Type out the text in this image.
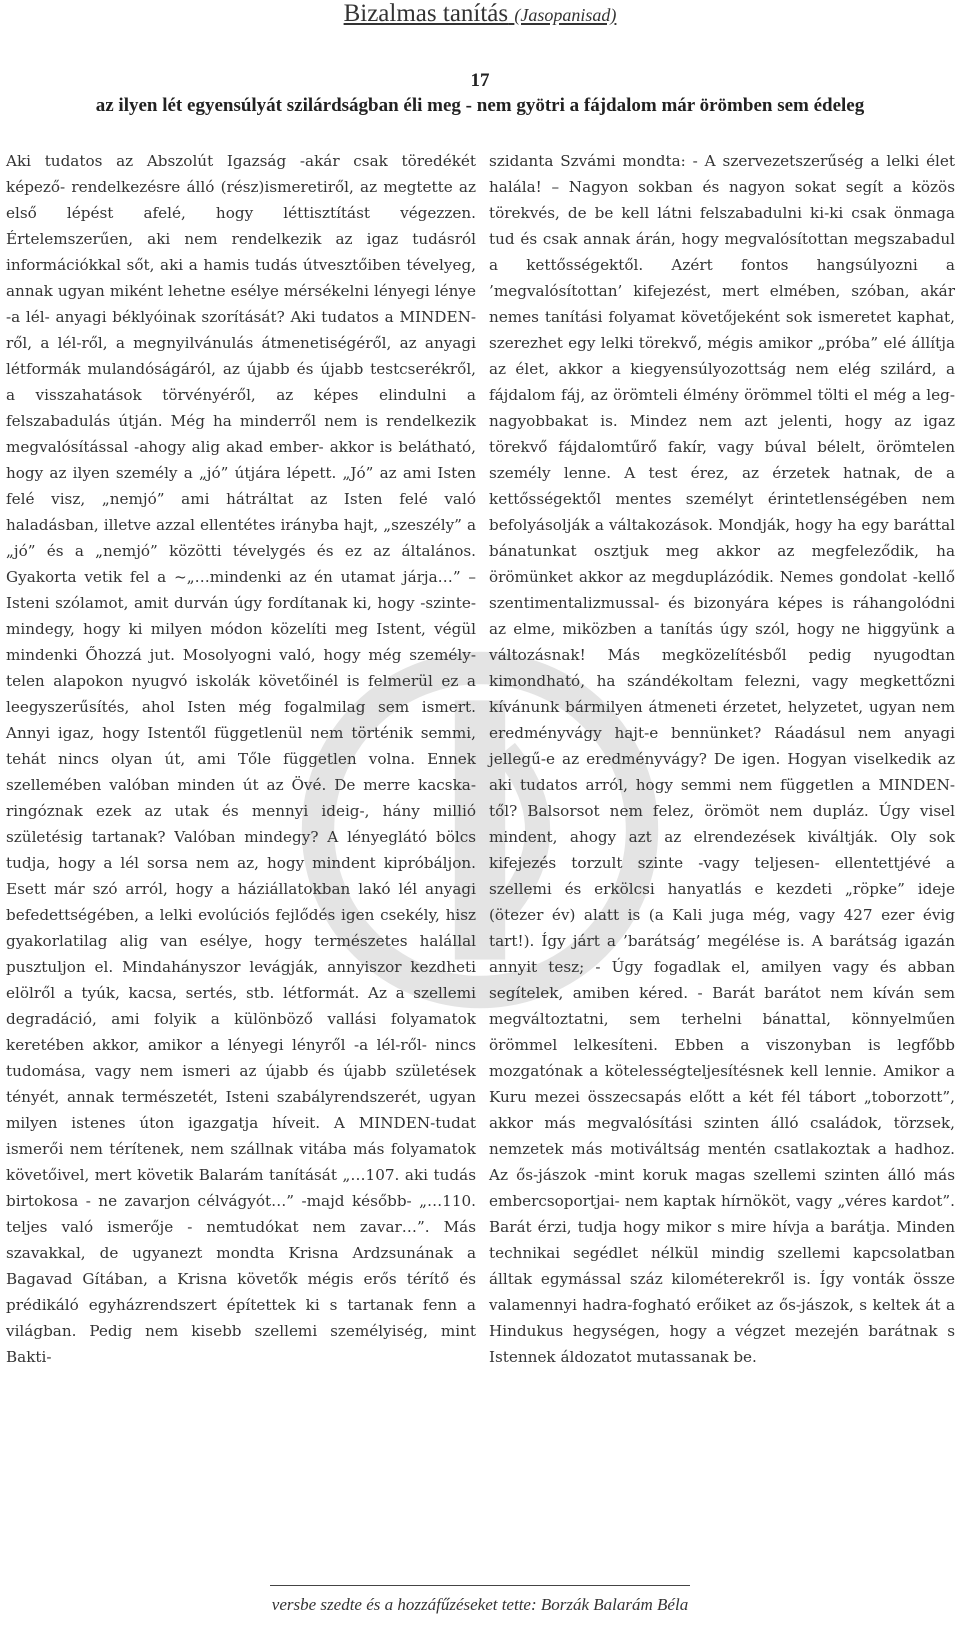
Bizalmas tanítás (Jasopanisad)
17
az ilyen lét egyensúlyát szilárdságban éli meg - nem gyötri a fájdalom már örömben sem édeleg

Aki tudatos az Abszolút Igazság -akár csak töredékét képező- rendelkezésre álló (rész)ismeretiről, az megtette az első lépést afelé, hogy léttisztítást végezzen. Értelemszerűen, aki nem rendelkezik az igaz tudásról információkkal sőt, aki a hamis tudás útvesztőiben tévelyeg, annak ugyan miként lehetne esélye mérsékelni lényegi lénye -a lél- anyagi béklyóinak szorítását? Aki tudatos a MINDEN-ről, a lél-ről, a megnyilvánulás átmenetiségéről, az anyagi létformák mulandóságáról, az újabb és újabb testcserékről, a visszahatások törvényéről, az képes elindulni a felszabadulás útján. Még ha minderről nem is rendelkezik megvalósítással -ahogy alig akad ember- akkor is belátható, hogy az ilyen személy a „jó” útjára lépett. „Jó” az ami Isten felé visz, „nemjó” ami hátráltat az Isten felé való haladásban, illetve azzal ellentétes irányba hajt, „szeszély” a „jó” és a „nemjó” közötti tévelygés és ez az általános. Gyakorta vetik fel a ~„…mindenki az én utamat járja…” – Isteni szólamot, amit durván úgy fordítanak ki, hogy -szinte- mindegy, hogy ki milyen módon közelíti meg Istent, végül mindenki Őhozzá jut. Mosolyogni való, hogy még személytelen alapokon nyugvó iskolák követőinél is felmerül ez a leegyszerűsítés, ahol Isten még fogalmilag sem ismert. Annyi igaz, hogy Istentől függetlenül nem történik semmi, tehát nincs olyan út, ami Tőle független volna. Ennek szellemében valóban minden út az Övé. De merre kacskaringóznak ezek az utak és mennyi ideig-, hány millió születésig tartanak? Valóban mindegy? A lényeglátó bölcs tudja, hogy a lél sorsa nem az, hogy mindent kipróbáljon. Esett már szó arról, hogy a háziállatokban lakó lél anyagi befedettségében, a lelki evolúciós fejlődés igen csekély, hisz gyakorlatilag alig van esélye, hogy természetes halállal pusztuljon el. Mindahányszor levágják, annyiszor kezdheti elölről a tyúk, kacsa, sertés, stb. létformát. Az a szellemi degradáció, ami folyik a különböző vallási folyamatok keretében akkor, amikor a lényegi lényről -a lél-ről- nincs tudomása, vagy nem ismeri az újabb és újabb születések tényét, annak természetét, Isteni szabályrendszerét, ugyan milyen istenes úton igazgatja híveit. A MINDEN-tudat ismerői nem térítenek, nem szállnak vitába más folyamatok követőivel, mert követik Balarám tanítását „…107. aki tudás birtokosa - ne zavarjon célvágyót…” -majd később- „…110. teljes való ismerője - nemtudókat nem zavar…”. Más szavakkal, de ugyanezt mondta Krisna Ardzsunának a Bagavad Gítában, a Krisna követők mégis erős térítő és prédikáló egyházrendszert építettek ki s tartanak fenn a világban. Pedig nem kisebb szellemi személyiség, mint Bakti-

szidanta Szvámi mondta: - A szervezetszerűség a lelki élet halála! – Nagyon sokban és nagyon sokat segít a közös törekvés, de be kell látni felszabadulni ki-ki csak önmaga tud és csak annak árán, hogy megvalósítottan megszabadul a kettősségektől. Azért fontos hangsúlyozni a ’megvalósítottan’ kifejezést, mert elmében, szóban, akár nemes tanítási folyamat követőjeként sok ismeretet kaphat, szerezhet egy lelki törekvő, mégis amikor „próba” elé állítja az élet, akkor a kiegyensúlyozottság nem elég szilárd, a fájdalom fáj, az örömteli élmény örömmel tölti el még a legnagyobbakat is. Mindez nem azt jelenti, hogy az igaz törekvő fájdalomtűrő fakír, vagy búval bélelt, örömtelen személy lenne. A test érez, az érzetek hatnak, de a kettősségektől mentes személyt érintetlenségében nem befolyásolják a váltakozások. Mondják, hogy ha egy baráttal bánatunkat osztjuk meg akkor az megfeleződik, ha örömünket akkor az megduplázódik. Nemes gondolat -kellő szentimentalizmussal- és bizonyára képes is ráhangolódni az elme, miközben a tanítás úgy szól, hogy ne higgyünk a változásnak! Más megközelítésből pedig nyugodtan kimondható, ha szándékoltam felezni, vagy megkettőzni kívánunk bármilyen átmeneti érzetet, helyzetet, ugyan nem eredményvágy hajt-e bennünket? Ráadásul nem anyagi jellegű-e az eredményvágy? De igen. Hogyan viselkedik az aki tudatos arról, hogy semmi nem független a MINDEN-től? Balsorsot nem felez, örömöt nem dupláz. Úgy visel mindent, ahogy azt az elrendezések kiváltják. Oly sok kifejezés torzult szinte -vagy teljesen- ellentettjévé a szellemi és erkölcsi hanyatlás e kezdeti „röpke” ideje (ötezer év) alatt is (a Kali juga még, vagy 427 ezer évig tart!). Így járt a ’barátság’ megélése is. A barátság igazán annyit tesz; - Úgy fogadlak el, amilyen vagy és abban segítelek, amiben kéred. - Barát barátot nem kíván sem megváltoztatni, sem terhelni bánattal, könnyelműen örömmel lelkesíteni. Ebben a viszonyban is legfőbb mozgatónak a kötelességteljesítésnek kell lennie. Amikor a Kuru mezei összecsapás előtt a két fél tábort „toborzott”, akkor más megvalósítási szinten álló családok, törzsek, nemzetek más motiváltság mentén csatlakoztak a hadhoz. Az ős-jászok -mint koruk magas szellemi szinten álló más embercsoportjai- nem kaptak hírnököt, vagy „véres kardot”. Barát érzi, tudja hogy mikor s mire hívja a barátja. Minden technikai segédlet nélkül mindig szellemi kapcsolatban álltak egymással száz kilométerekről is. Így vonták össze valamennyi hadra-fogható erőiket az ős-jászok, s keltek át a Hindukus hegységen, hogy a végzet mezején barátnak s Istennek áldozatot mutassanak be.

versbe szedte és a hozzáfűzéseket tette: Borzák Balarám Béla
